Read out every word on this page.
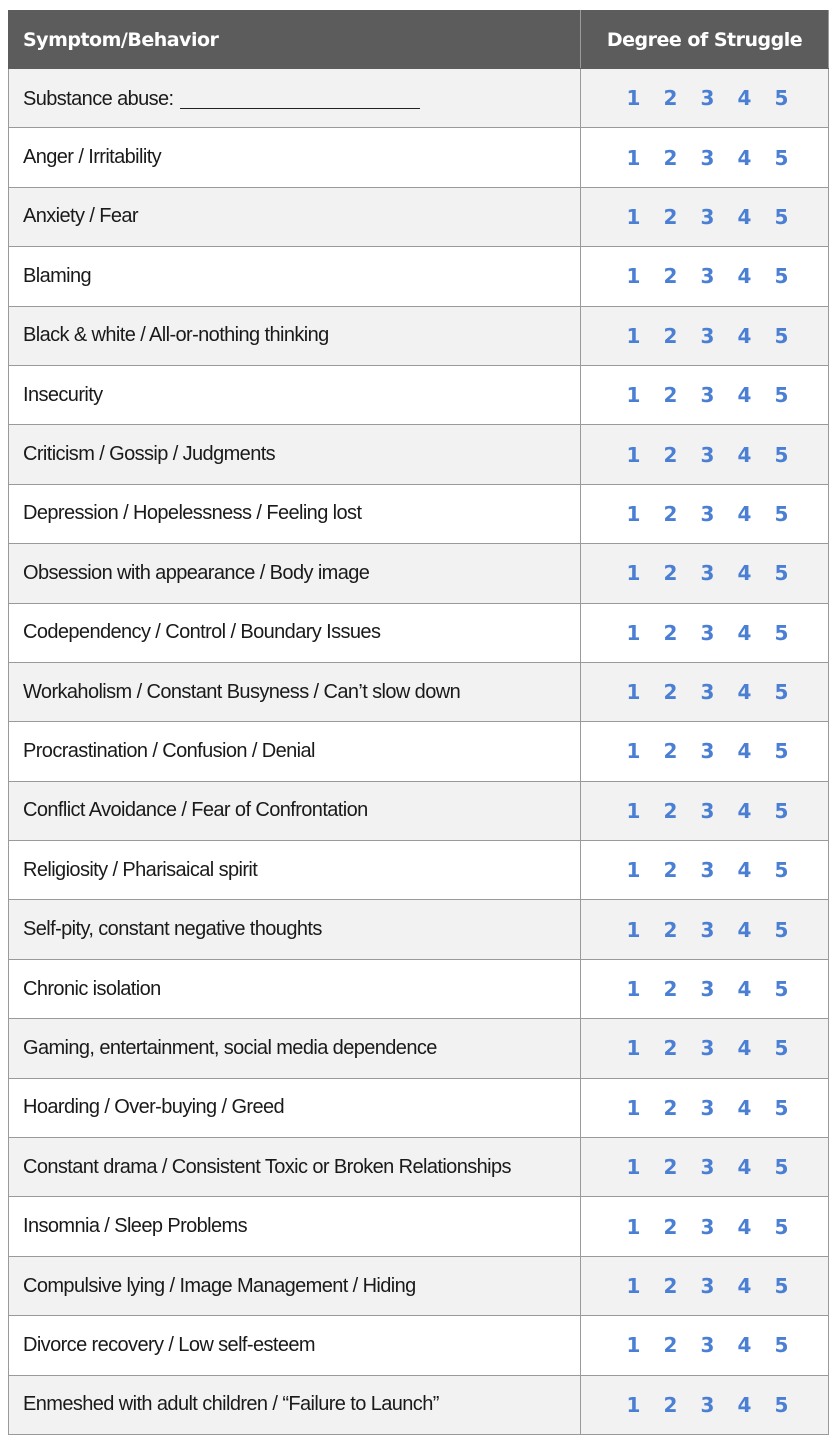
Symptom/Behavior	Degree of Struggle
Substance abuse:	1 2 3 4 5

Anger / Irritability	1 2 3 4 5

Anxiety / Fear	1 2 3 4 5

Blaming	1 2 3 4 5

Black & white / All-or-nothing thinking	1 2 3 4 5

Insecurity	1 2 3 4 5

Criticism / Gossip / Judgments	1 2 3 4 5

Depression / Hopelessness / Feeling lost	1 2 3 4 5

Obsession with appearance / Body image	1 2 3 4 5

Codependency / Control / Boundary Issues	1 2 3 4 5

Workaholism / Constant Busyness / Can’t slow down	1 2 3 4 5

Procrastination / Confusion / Denial	1 2 3 4 5

Conflict Avoidance / Fear of Confrontation	1 2 3 4 5

Religiosity / Pharisaical spirit	1 2 3 4 5

Self-pity, constant negative thoughts	1 2 3 4 5

Chronic isolation	1 2 3 4 5

Gaming, entertainment, social media dependence	1 2 3 4 5

Hoarding / Over-buying / Greed	1 2 3 4 5

Constant drama / Consistent Toxic or Broken Relationships	1 2 3 4 5

Insomnia / Sleep Problems	1 2 3 4 5

Compulsive lying / Image Management / Hiding	1 2 3 4 5

Divorce recovery / Low self-esteem	1 2 3 4 5

Enmeshed with adult children / “Failure to Launch”	1 2 3 4 5
